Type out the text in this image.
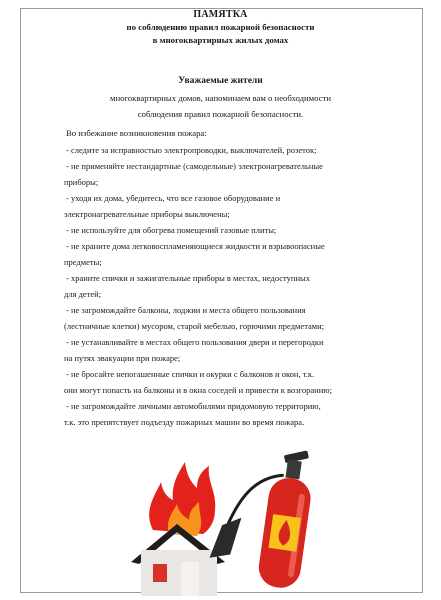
ПАМЯТКА
по соблюдению правил пожарной безопасности
в многоквартирных жилых домах
Уважаемые жители
многоквартирных домов, напоминаем вам о необходимости
соблюдения правил пожарной безопасности.
Во избежание возникновения пожара:
- следите за исправностью электропроводки, выключателей, розеток;
- не применяйте нестандартные (самодельные) электронагревательные
приборы;
- уходя их дома, убедитесь, что все газовое оборудование и
электронагревательные приборы выключены;
- не используйте для обогрева помещений газовые плиты;
- не храните дома легковоспламеняющиеся жидкости и взрывоопасные
предметы;
- храните спички и зажигательные приборы в местах, недоступных
для детей;
- не загромождайте балконы, лоджии и места общего пользования
(лестничные клетки) мусором, старой мебелью, горючими предметами;
- не устанавливайте в местах общего пользования двери и перегородки
на путях эвакуации при пожаре;
- не бросайте непогашенные спички и окурки с балконов и окон, т.к.
они могут попасть на балконы и в окна соседей и привести к возгоранию;
- не загромождайте личными автомобилями придомовую территорию,
т.к. это препятствует подъезду пожарных машин во время пожара.
